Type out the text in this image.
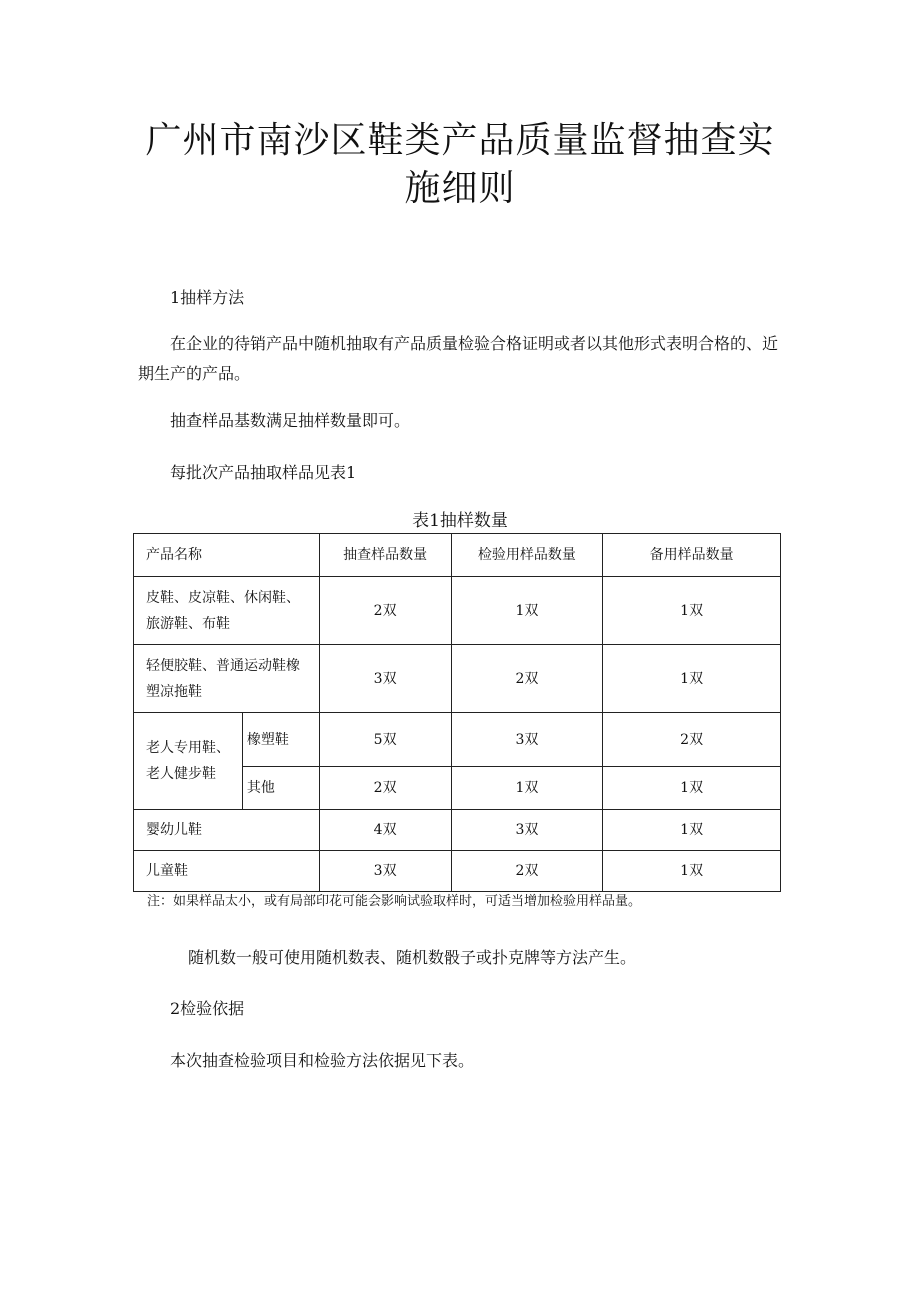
广州市南沙区鞋类产品质量监督抽查实
施细则

1抽样方法

在企业的待销产品中随机抽取有产品质量检验合格证明或者以其他形式表明合格的、近期生产的产品。

抽查样品基数满足抽样数量即可。

每批次产品抽取样品见表1

表1抽样数量

产品名称		抽查样品数量	检验用样品数量	备用样品数量
皮鞋、皮凉鞋、休闲鞋、旅游鞋、布鞋		2双	1双	1双
轻便胶鞋、普通运动鞋橡塑凉拖鞋		3双	2双	1双
老人专用鞋、老人健步鞋	橡塑鞋	5双	3双	2双
	其他	2双	1双	1双
婴幼儿鞋		4双	3双	1双
儿童鞋		3双	2双	1双

注：如果样品太小，或有局部印花可能会影响试验取样时，可适当增加检验用样品量。

随机数一般可使用随机数表、随机数骰子或扑克牌等方法产生。

2检验依据

本次抽查检验项目和检验方法依据见下表。
